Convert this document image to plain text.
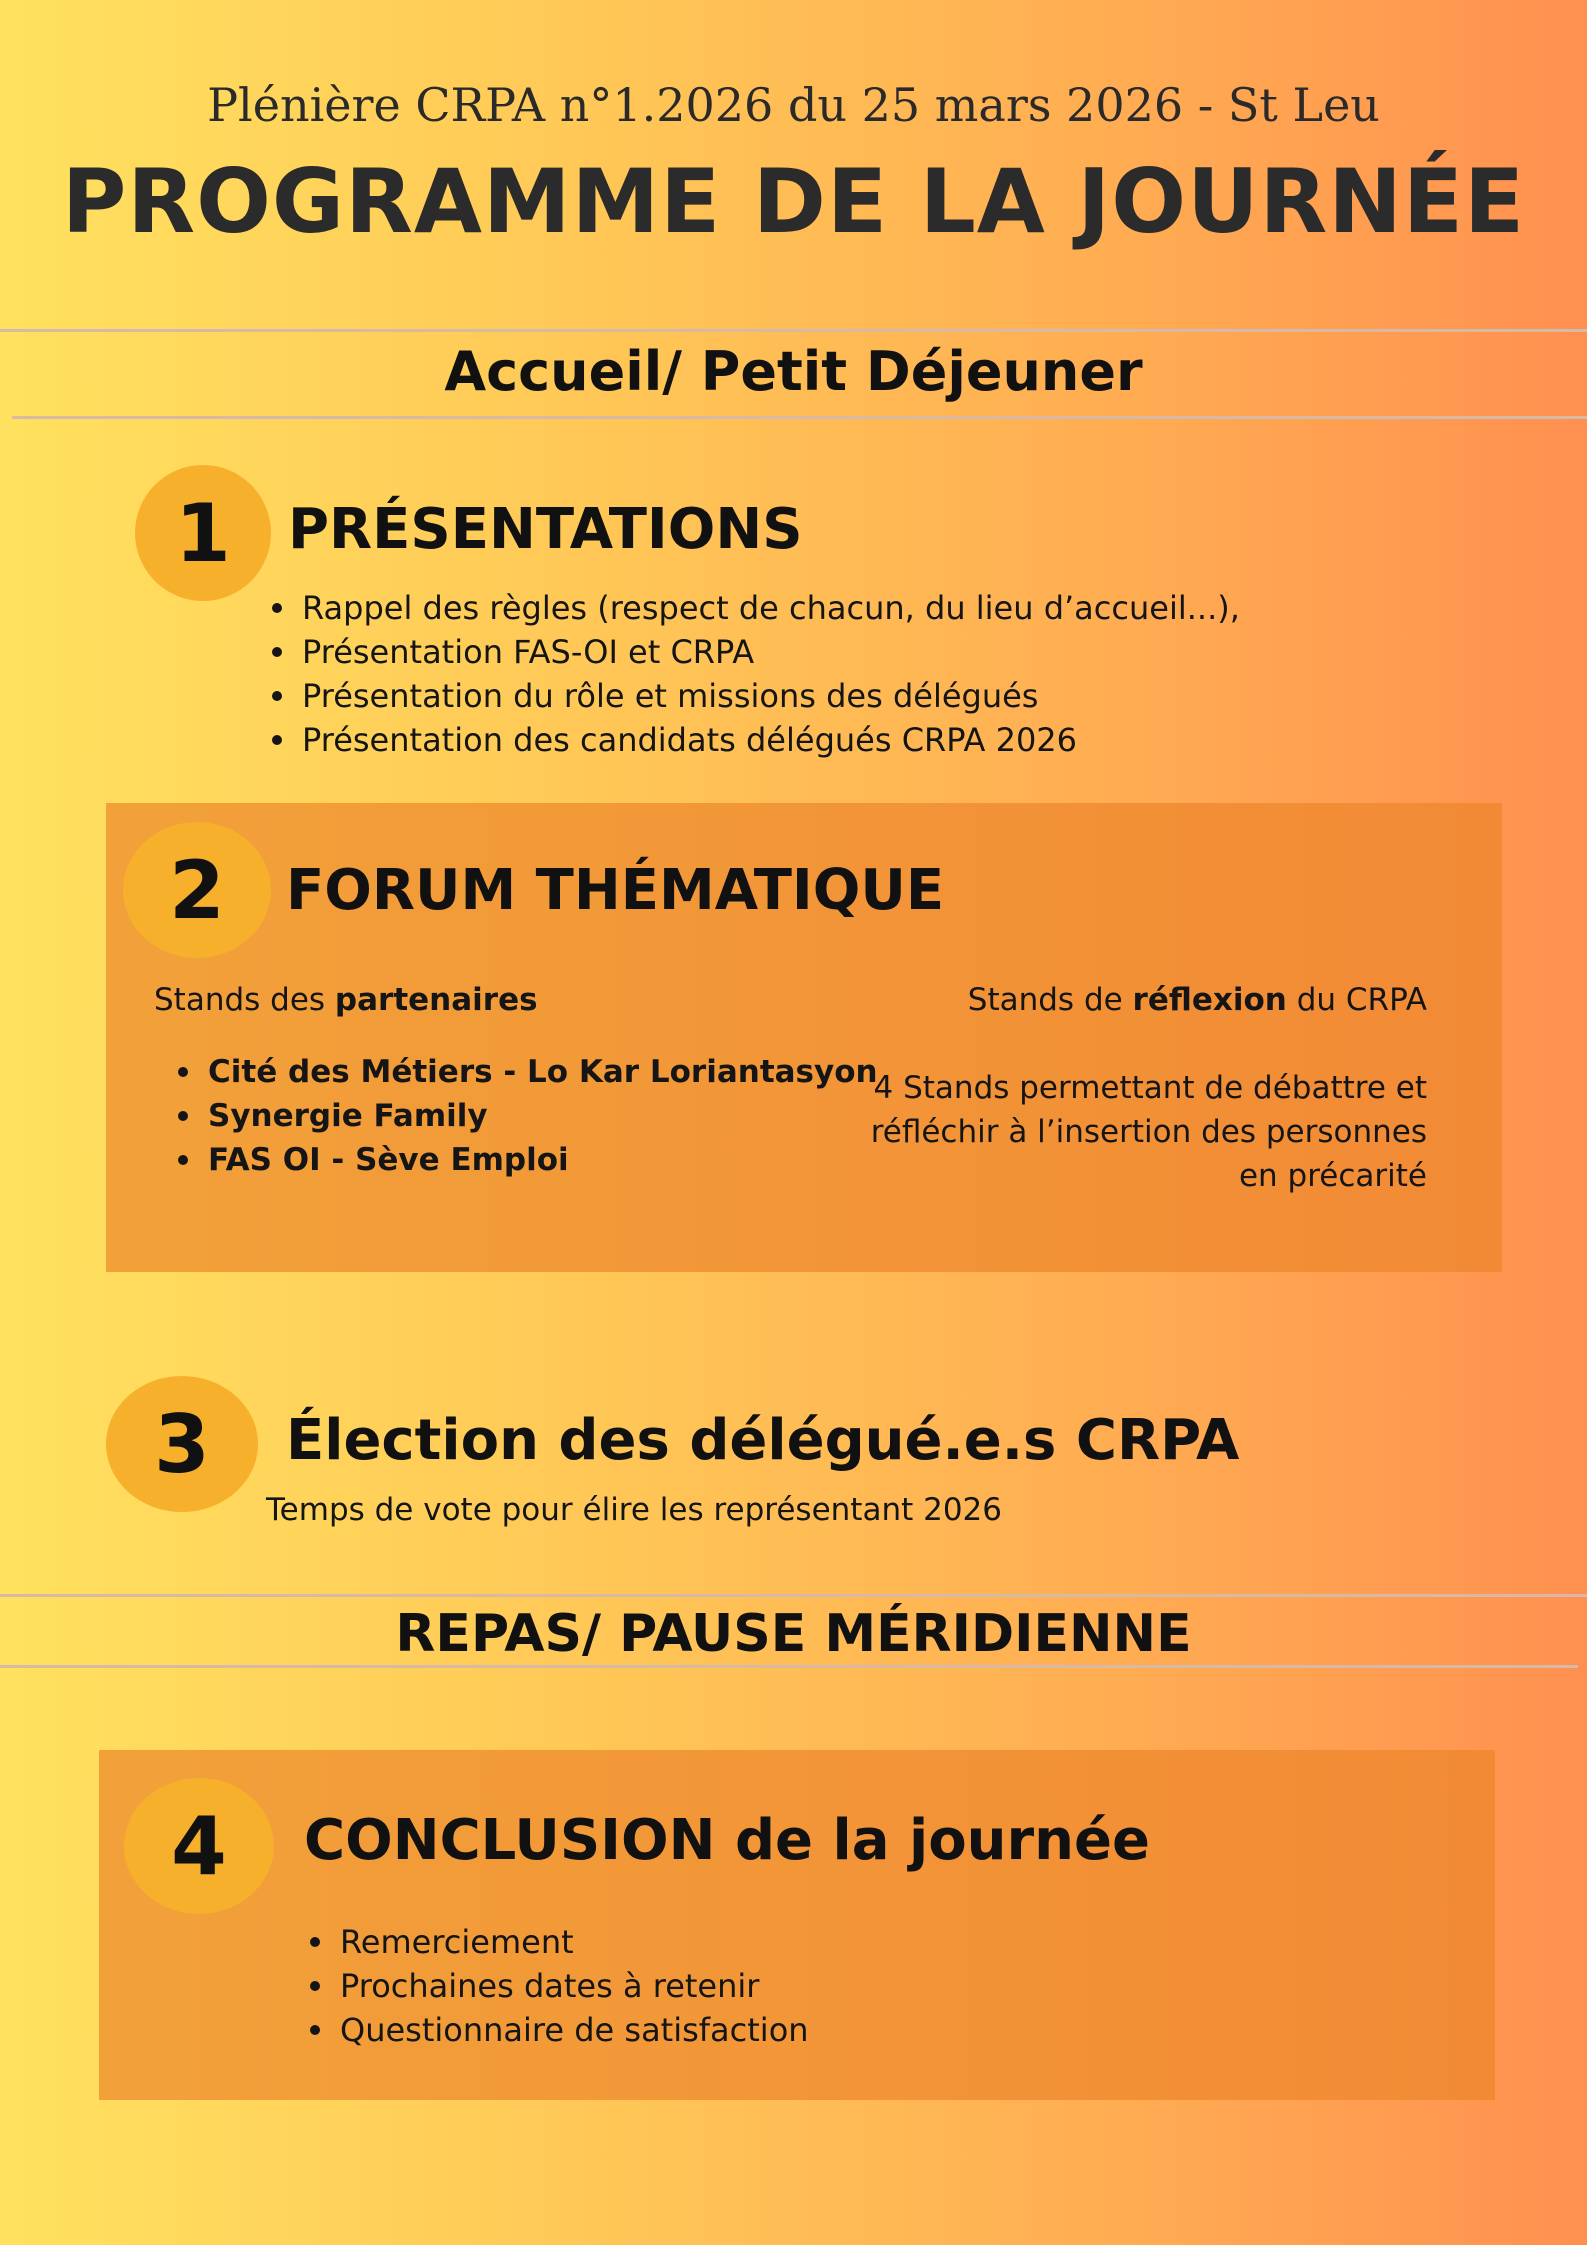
Plénière CRPA n°1.2026 du 25 mars 2026 - St Leu
PROGRAMME DE LA JOURNÉE
Accueil/ Petit Déjeuner
1 PRÉSENTATIONS
Rappel des règles (respect de chacun, du lieu d’accueil...),
Présentation FAS-OI et CRPA
Présentation du rôle et missions des délégués
Présentation des candidats délégués CRPA 2026
2 FORUM THÉMATIQUE
Stands des partenaires
Cité des Métiers - Lo Kar Loriantasyon
Synergie Family
FAS OI - Sève Emploi
Stands de réflexion du CRPA
4 Stands permettant de débattre et
réfléchir à l’insertion des personnes
en précarité
3 Élection des délégué.e.s CRPA
Temps de vote pour élire les représentant 2026
REPAS/ PAUSE MÉRIDIENNE
4 CONCLUSION de la journée
Remerciement
Prochaines dates à retenir
Questionnaire de satisfaction
